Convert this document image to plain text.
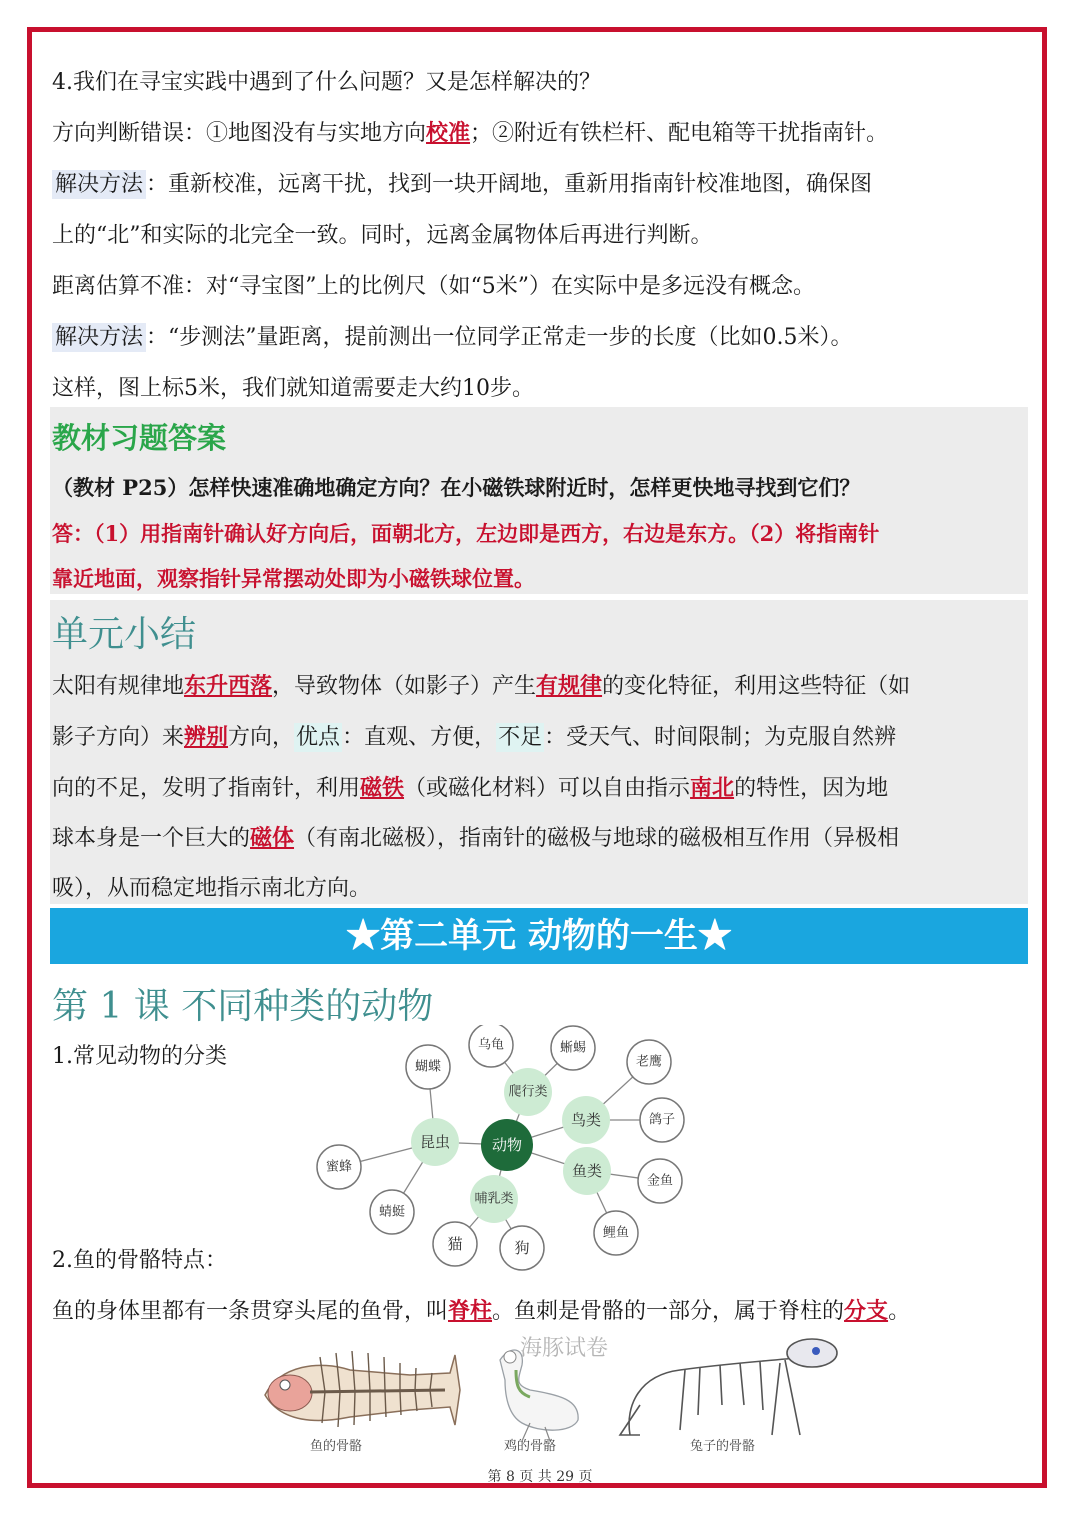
4.我们在寻宝实践中遇到了什么问题？又是怎样解决的？
方向判断错误：①地图没有与实地方向校准；②附近有铁栏杆、配电箱等干扰指南针。
解决方法 ：重新校准，远离干扰，找到一块开阔地，重新用指南针校准地图，确保图
上的“北”和实际的北完全一致。同时，远离金属物体后再进行判断。
距离估算不准：对“寻宝图”上的比例尺（如“5米”）在实际中是多远没有概念。
解决方法 ：“步测法”量距离，提前测出一位同学正常走一步的长度（比如0.5米）。
这样，图上标5米，我们就知道需要走大约10步。
教材习题答案
（教材 P25）怎样快速准确地确定方向？在小磁铁球附近时，怎样更快地寻找到它们？
答：（1）用指南针确认好方向后，面朝北方，左边即是西方，右边是东方。（2）将指南针
靠近地面，观察指针异常摆动处即为小磁铁球位置。
单元小结
太阳有规律地东升西落，导致物体（如影子）产生有规律的变化特征，利用这些特征（如
影子方向）来辨别方向，优点：直观、方便，不足：受天气、时间限制；为克服自然辨
向的不足，发明了指南针，利用磁铁（或磁化材料）可以自由指示南北的特性，因为地
球本身是一个巨大的磁体（有南北磁极），指南针的磁极与地球的磁极相互作用（异极相
吸），从而稳定地指示南北方向。
★第二单元 动物的一生★
第 1 课 不同种类的动物
1.常见动物的分类
动物
昆虫
爬行类
鸟类
鱼类
哺乳类
蝴蝶
蜜蜂
蜻蜓
乌龟	蜥蜴
老鹰
鸽子
金鱼
鲤鱼
猫	狗
2.鱼的骨骼特点：
鱼的身体里都有一条贯穿头尾的鱼骨，叫脊柱。鱼刺是骨骼的一部分，属于脊柱的分支。
海豚试卷
鱼的骨骼	鸡的骨骼	兔子的骨骼
第 8 页 共 29 页
